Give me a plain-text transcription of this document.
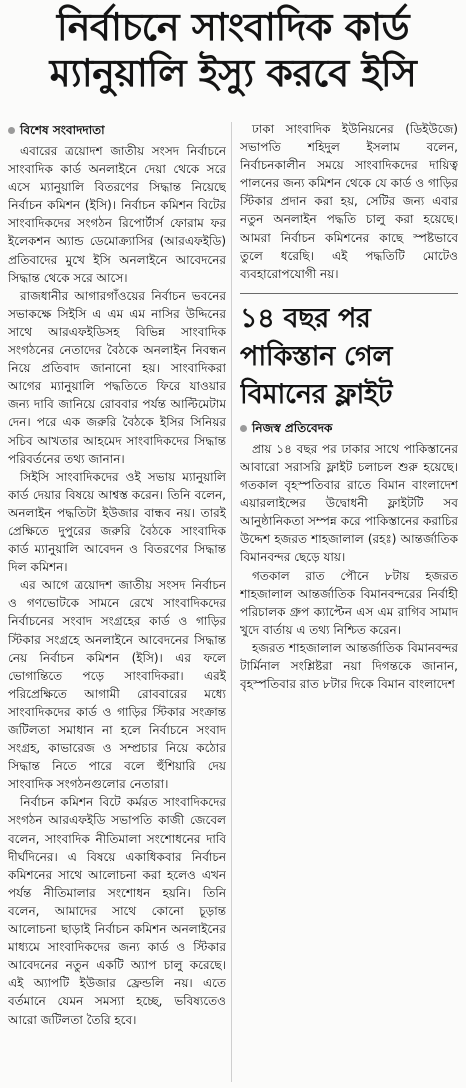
নির্বাচনে সাংবাদিক কার্ড
ম্যানুয়ালি ইস্যু করবে ইসি
বিশেষ সংবাদদাতা

এবারের ত্রয়োদশ জাতীয় সংসদ নির্বাচনে সাংবাদিক কার্ড অনলাইনে দেয়া থেকে সরে এসে ম্যানুয়ালি বিতরণের সিদ্ধান্ত নিয়েছে নির্বাচন কমিশন (ইসি)। নির্বাচন কমিশন বিটের সাংবাদিকদের সংগঠন রিপোর্টার্স ফোরাম ফর ইলেকশন অ্যান্ড ডেমোক্র্যাসির (আরএফইডি) প্রতিবাদের মুখে ইসি অনলাইনে আবেদনের সিদ্ধান্ত থেকে সরে আসে।

রাজধানীর আগারগাঁওয়ের নির্বাচন ভবনের সভাকক্ষে সিইসি এ এম এম নাসির উদ্দিনের সাথে আরএফইডিসহ বিভিন্ন সাংবাদিক সংগঠনের নেতাদের বৈঠকে অনলাইন নিবন্ধন নিয়ে প্রতিবাদ জানানো হয়। সাংবাদিকরা আগের ম্যানুয়ালি পদ্ধতিতে ফিরে যাওয়ার জন্য দাবি জানিয়ে রোববার পর্যন্ত আল্টিমেটাম দেন। পরে এক জরুরি বৈঠকে ইসির সিনিয়র সচিব আখতার আহমেদ সাংবাদিকদের সিদ্ধান্ত পরিবর্তনের তথ্য জানান।

সিইসি সাংবাদিকদের ওই সভায় ম্যানুয়ালি কার্ড দেয়ার বিষয়ে আশ্বস্ত করেন। তিনি বলেন, অনলাইন পদ্ধতিটা ইউজার বান্ধব নয়। তারই প্রেক্ষিতে দুপুরের জরুরি বৈঠকে সাংবাদিক কার্ড ম্যানুয়ালি আবেদন ও বিতরণের সিদ্ধান্ত দিল কমিশন।

এর আগে ত্রয়োদশ জাতীয় সংসদ নির্বাচন ও গণভোটকে সামনে রেখে সাংবাদিকদের নির্বাচনের সংবাদ সংগ্রহের কার্ড ও গাড়ির স্টিকার সংগ্রহে অনলাইনে আবেদনের সিদ্ধান্ত নেয় নির্বাচন কমিশন (ইসি)। এর ফলে ভোগান্তিতে পড়ে সাংবাদিকরা। এরই পরিপ্রেক্ষিতে আগামী রোববারের মধ্যে সাংবাদিকদের কার্ড ও গাড়ির স্টিকার সংক্রান্ত জটিলতা সমাধান না হলে নির্বাচনে সংবাদ সংগ্রহ, কাভারেজ ও সম্প্রচার নিয়ে কঠোর সিদ্ধান্ত নিতে পারে বলে হুঁশিয়ারি দেয় সাংবাদিক সংগঠনগুলোর নেতারা।

নির্বাচন কমিশন বিটে কর্মরত সাংবাদিকদের সংগঠন আরএফইডি সভাপতি কাজী জেবেল বলেন, সাংবাদিক নীতিমালা সংশোধনের দাবি দীর্ঘদিনের। এ বিষয়ে একাধিকবার নির্বাচন কমিশনের সাথে আলোচনা করা হলেও এখন পর্যন্ত নীতিমালার সংশোধন হয়নি। তিনি বলেন, আমাদের সাথে কোনো চূড়ান্ত আলোচনা ছাড়াই নির্বাচন কমিশন অনলাইনের মাধ্যমে সাংবাদিকদের জন্য কার্ড ও স্টিকার আবেদনের নতুন একটি অ্যাপ চালু করেছে। এই অ্যাপটি ইউজার ফ্রেন্ডলি নয়। এতে বর্তমানে যেমন সমস্যা হচ্ছে, ভবিষ্যতেও আরো জটিলতা তৈরি হবে।

ঢাকা সাংবাদিক ইউনিয়নের (ডিইউজে) সভাপতি শহিদুল ইসলাম বলেন, নির্বাচনকালীন সময়ে সাংবাদিকদের দায়িত্ব পালনের জন্য কমিশন থেকে যে কার্ড ও গাড়ির স্টিকার প্রদান করা হয়, সেটির জন্য এবার নতুন অনলাইন পদ্ধতি চালু করা হয়েছে। আমরা নির্বাচন কমিশনের কাছে স্পষ্টভাবে তুলে ধরেছি। এই পদ্ধতিটি মোটেও ব্যবহারোপযোগী নয়।

১৪ বছর পর পাকিস্তান গেল বিমানের ফ্লাইট
নিজস্ব প্রতিবেদক

প্রায় ১৪ বছর পর ঢাকার সাথে পাকিস্তানের আবারো সরাসরি ফ্লাইট চলাচল শুরু হয়েছে। গতকাল বৃহস্পতিবার রাতে বিমান বাংলাদেশ এয়ারলাইন্সের উদ্বোধনী ফ্লাইটটি সব আনুষ্ঠানিকতা সম্পন্ন করে পাকিস্তানের করাচির উদ্দেশ হজরত শাহজালাল (রহঃ) আন্তর্জাতিক বিমানবন্দর ছেড়ে যায়।

গতকাল রাত পৌনে ৮টায় হজরত শাহজালাল আন্তর্জাতিক বিমানবন্দরের নির্বাহী পরিচালক গ্রুপ ক্যাপ্টেন এস এম রাগিব সামাদ খুদে বার্তায় এ তথ্য নিশ্চিত করেন।

হজরত শাহজালাল আন্তর্জাতিক বিমানবন্দর টার্মিনাল সংশ্লিষ্টরা নয়া দিগন্তকে জানান, বৃহস্পতিবার রাত ৮টার দিকে বিমান বাংলাদেশ
